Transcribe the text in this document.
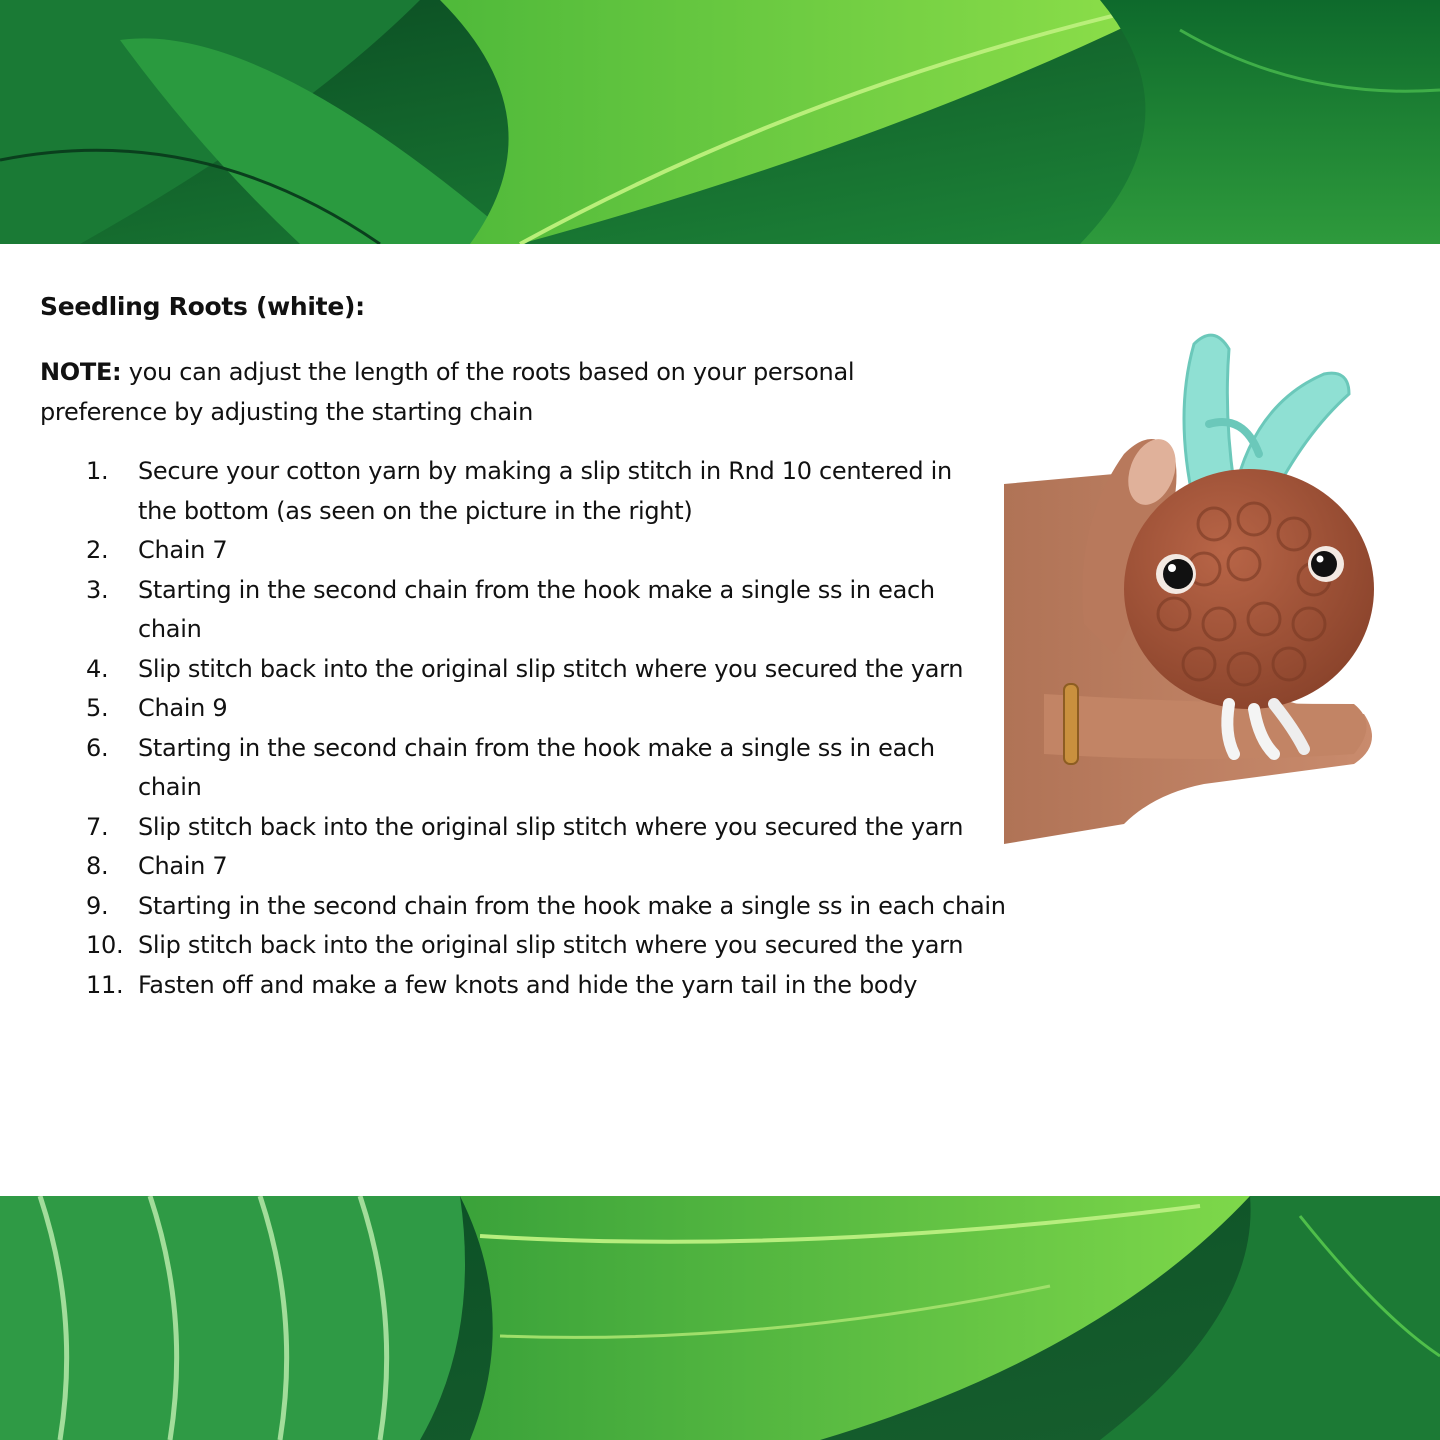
Seedling Roots (white):

NOTE: you can adjust the length of the roots based on your personal preference by adjusting the starting chain

1.	Secure your cotton yarn by making a slip stitch in Rnd 10 centered in the bottom (as seen on the picture in the right)
2.	Chain 7
3.	Starting in the second chain from the hook make a single ss in each chain
4.	Slip stitch back into the original slip stitch where you secured the yarn
5.	Chain 9
6.	Starting in the second chain from the hook make a single ss in each chain
7.	Slip stitch back into the original slip stitch where you secured the yarn
8.	Chain 7
9.	Starting in the second chain from the hook make a single ss in each chain
10. Slip stitch back into the original slip stitch where you secured the yarn
11. Fasten off and make a few knots and hide the yarn tail in the body
